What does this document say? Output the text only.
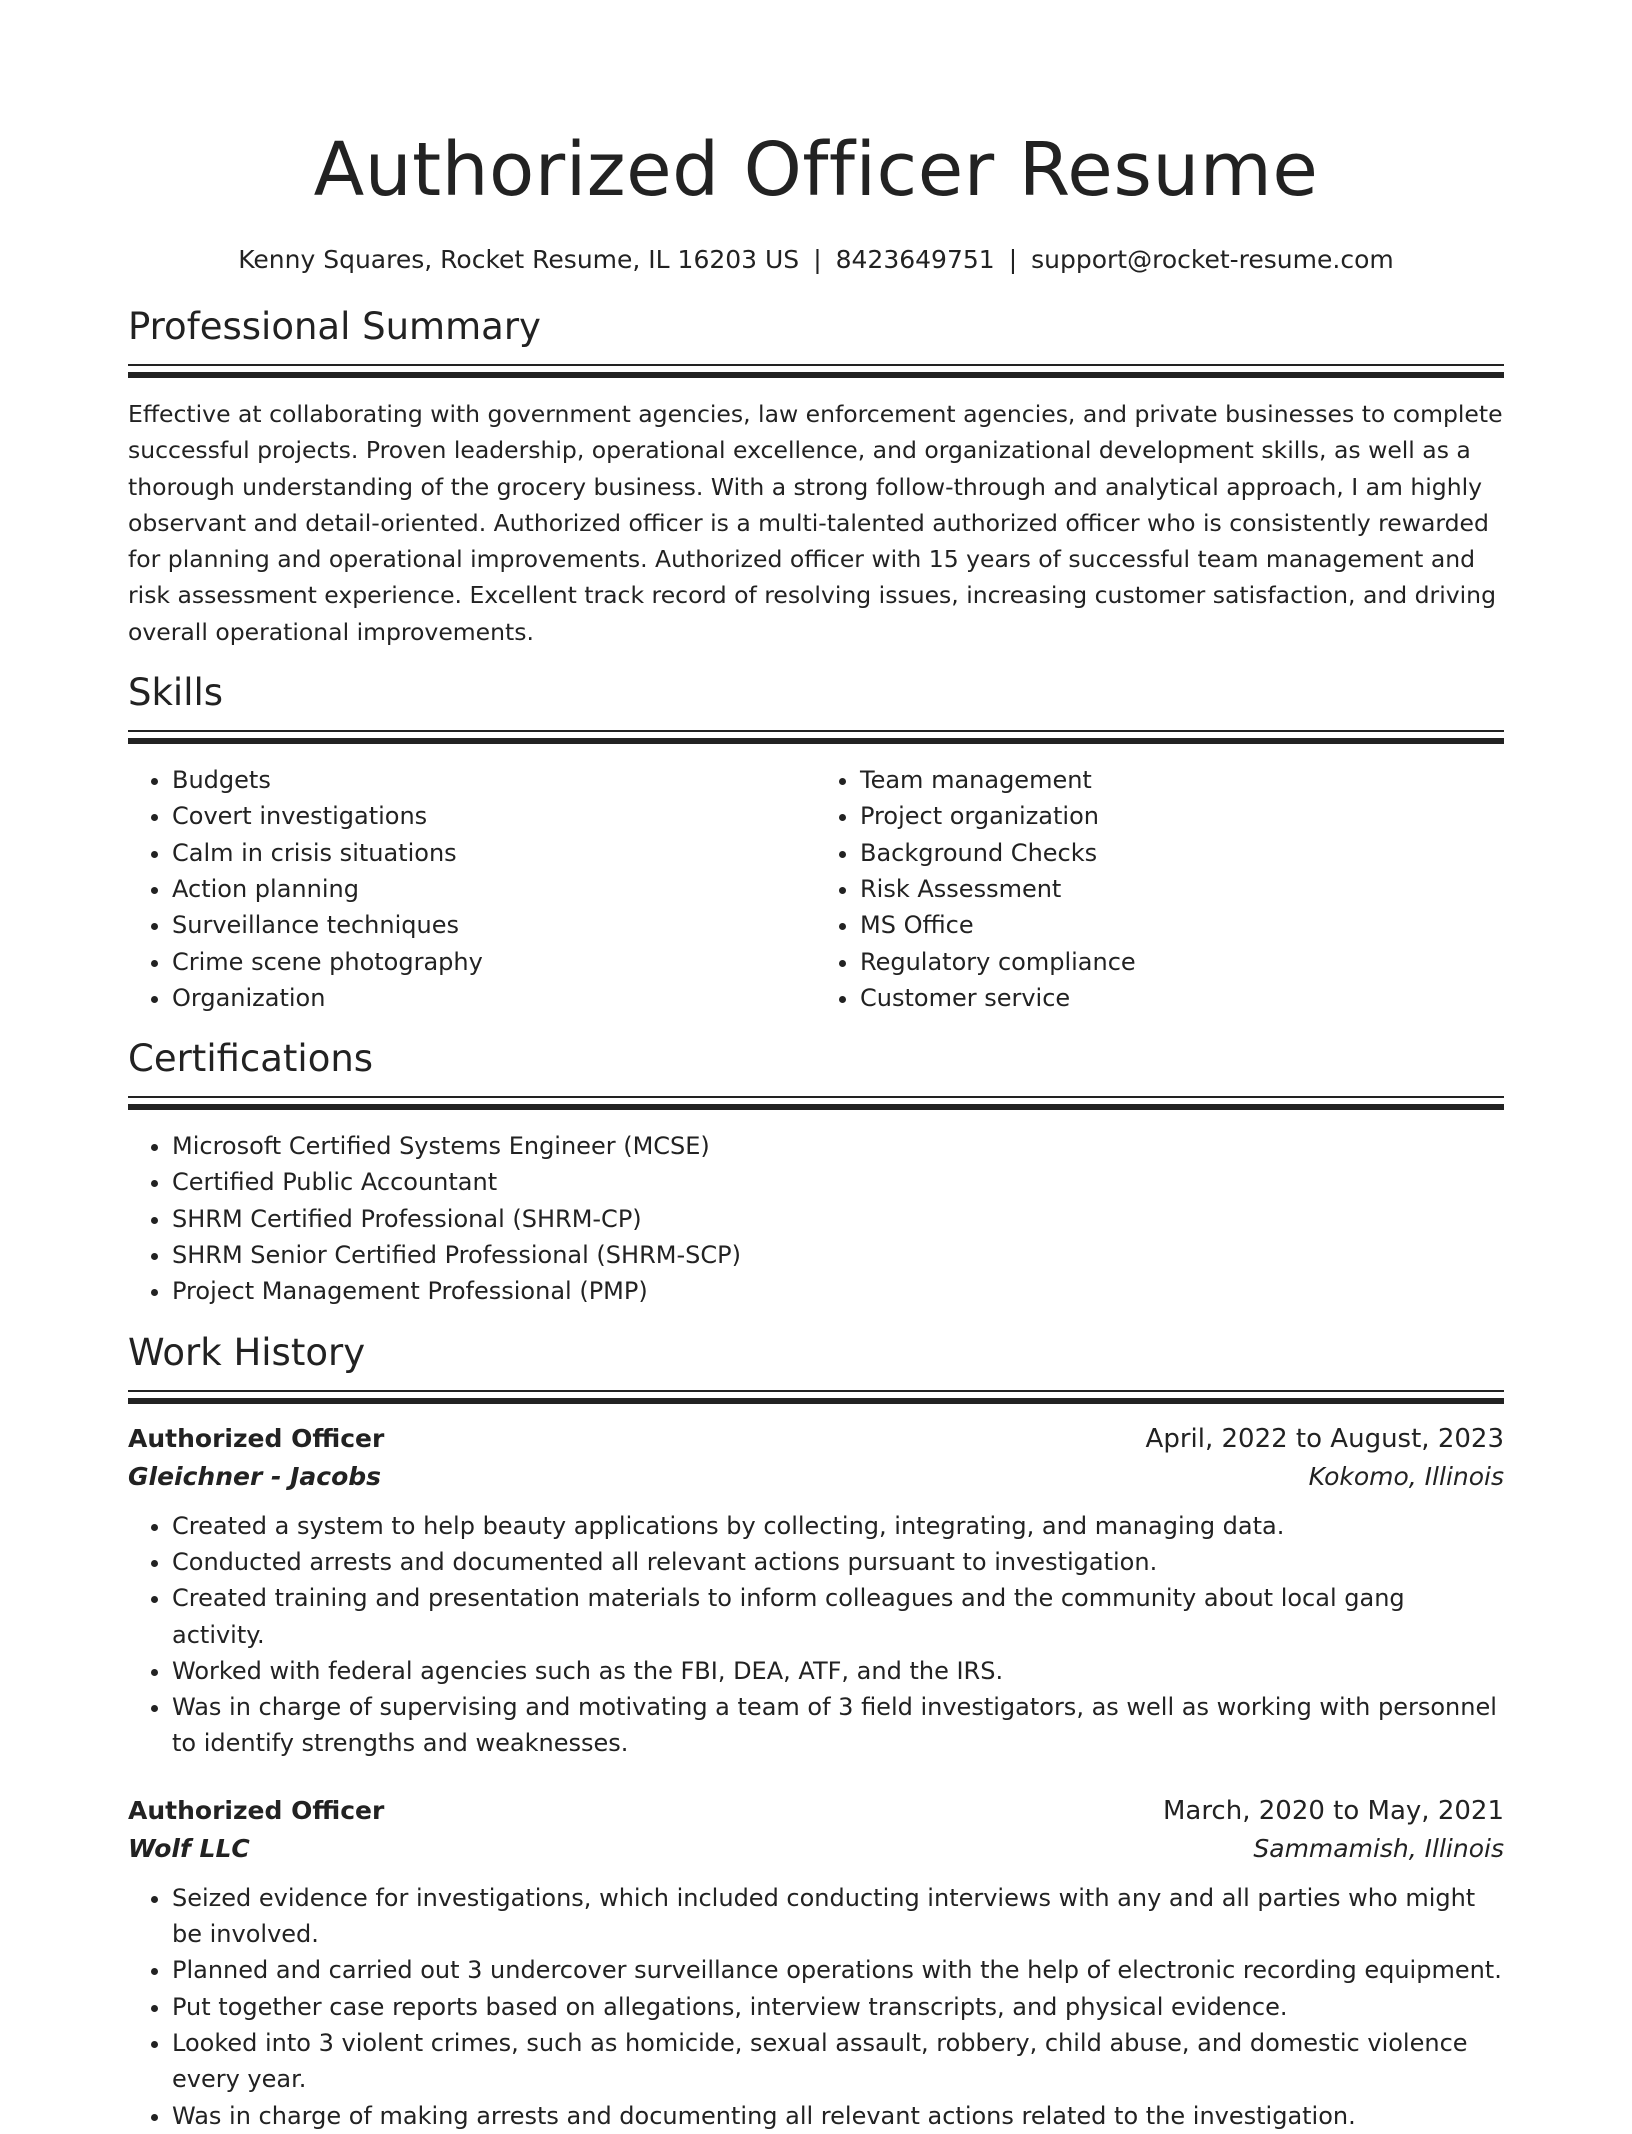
Authorized Officer Resume
Kenny Squares, Rocket Resume, IL 16203 US | 8423649751 | support@rocket-resume.com
Professional Summary

Effective at collaborating with government agencies, law enforcement agencies, and private businesses to complete successful projects. Proven leadership, operational excellence, and organizational development skills, as well as a thorough understanding of the grocery business. With a strong follow-through and analytical approach, I am highly observant and detail-oriented. Authorized officer is a multi-talented authorized officer who is consistently rewarded for planning and operational improvements. Authorized officer with 15 years of successful team management and risk assessment experience. Excellent track record of resolving issues, increasing customer satisfaction, and driving overall operational improvements.

Skills
• Budgets
• Covert investigations
• Calm in crisis situations
• Action planning
• Surveillance techniques
• Crime scene photography
• Organization
• Team management
• Project organization
• Background Checks
• Risk Assessment
• MS Office
• Regulatory compliance
• Customer service
Certifications
• Microsoft Certified Systems Engineer (MCSE)
• Certified Public Accountant
• SHRM Certified Professional (SHRM-CP)
• SHRM Senior Certified Professional (SHRM-SCP)
• Project Management Professional (PMP)
Work History
Authorized Officer	April, 2022 to August, 2023
Gleichner - Jacobs	Kokomo, Illinois
• Created a system to help beauty applications by collecting, integrating, and managing data.
• Conducted arrests and documented all relevant actions pursuant to investigation.
• Created training and presentation materials to inform colleagues and the community about local gang activity.
• Worked with federal agencies such as the FBI, DEA, ATF, and the IRS.
• Was in charge of supervising and motivating a team of 3 field investigators, as well as working with personnel to identify strengths and weaknesses.
Authorized Officer	March, 2020 to May, 2021
Wolf LLC	Sammamish, Illinois
• Seized evidence for investigations, which included conducting interviews with any and all parties who might be involved.
• Planned and carried out 3 undercover surveillance operations with the help of electronic recording equipment.
• Put together case reports based on allegations, interview transcripts, and physical evidence.
• Looked into 3 violent crimes, such as homicide, sexual assault, robbery, child abuse, and domestic violence every year.
• Was in charge of making arrests and documenting all relevant actions related to the investigation.
